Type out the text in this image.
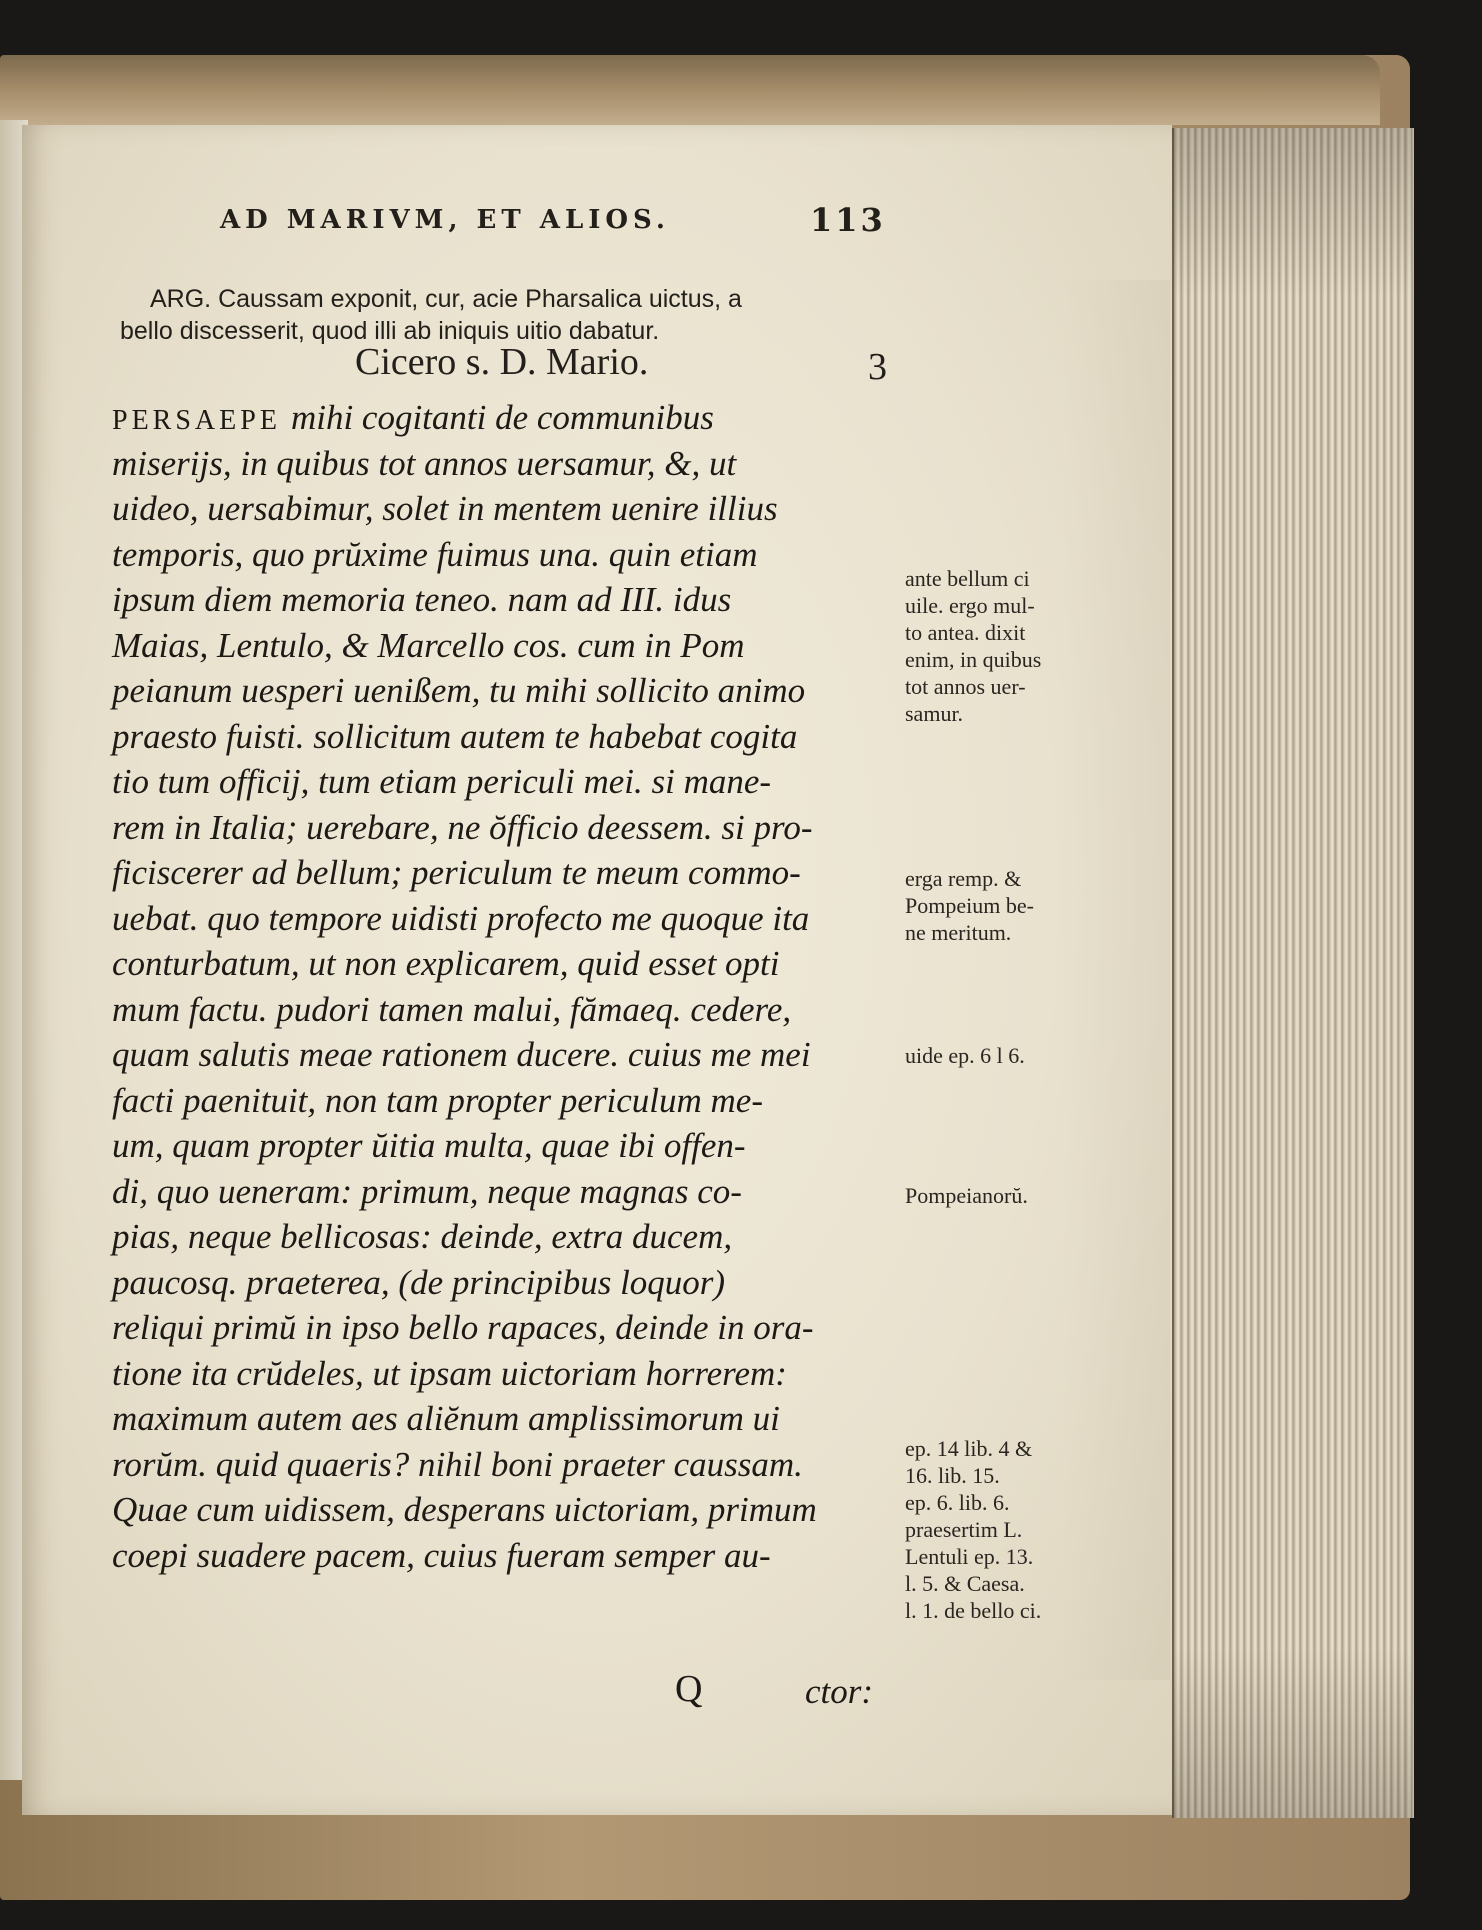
AD MARIVM, ET ALIOS.	113
ARG. Caussam exponit, cur, acie Pharsalica uictus, a
bello discesserit, quod illi ab iniquis uitio dabatur.
Cicero s. D. Mario.	3
PERSAEPE mihi cogitanti de communibus
miserijs, in quibus tot annos uersamur, &, ut
uideo, uersabimur, solet in mentem uenire illius
temporis, quo prŭxime fuimus una. quin etiam
ipsum diem memoria teneo. nam ad III. idus
Maias, Lentulo, & Marcello cos. cum in Pom
peianum uesperi uenißem, tu mihi sollicito animo
praesto fuisti. sollicitum autem te habebat cogita
tio tum officij, tum etiam periculi mei. si mane-
rem in Italia; uerebare, ne ŏfficio deessem. si pro-
ficiscerer ad bellum; periculum te meum commo-
uebat. quo tempore uidisti profecto me quoque ita
conturbatum, ut non explicarem, quid esset opti
mum factu. pudori tamen malui, fămaeq. cedere,
quam salutis meae rationem ducere. cuius me mei
facti paenituit, non tam propter periculum me-
um, quam propter ŭitia multa, quae ibi offen-
di, quo ueneram: primum, neque magnas co-
pias, neque bellicosas: deinde, extra ducem,
paucosq. praeterea, (de principibus loquor)
reliqui primŭ in ipso bello rapaces, deinde in ora-
tione ita crŭdeles, ut ipsam uictoriam horrerem:
maximum autem aes aliĕnum amplissimorum ui
rorŭm. quid quaeris? nihil boni praeter caussam.
Quae cum uidissem, desperans uictoriam, primum
coepi suadere pacem, cuius fueram semper au-
Q	ctor:
ante bellum ci
uile. ergo mul-
to antea. dixit
enim, in quibus
tot annos uer-
samur.
erga remp. &
Pompeium be-
ne meritum.
uide ep. 6 l 6.
Pompeianorŭ.
ep. 14 lib. 4 &
16. lib. 15.
ep. 6. lib. 6.
praesertim L.
Lentuli ep. 13.
l. 5. & Caesa.
l. 1. de bello ci.
